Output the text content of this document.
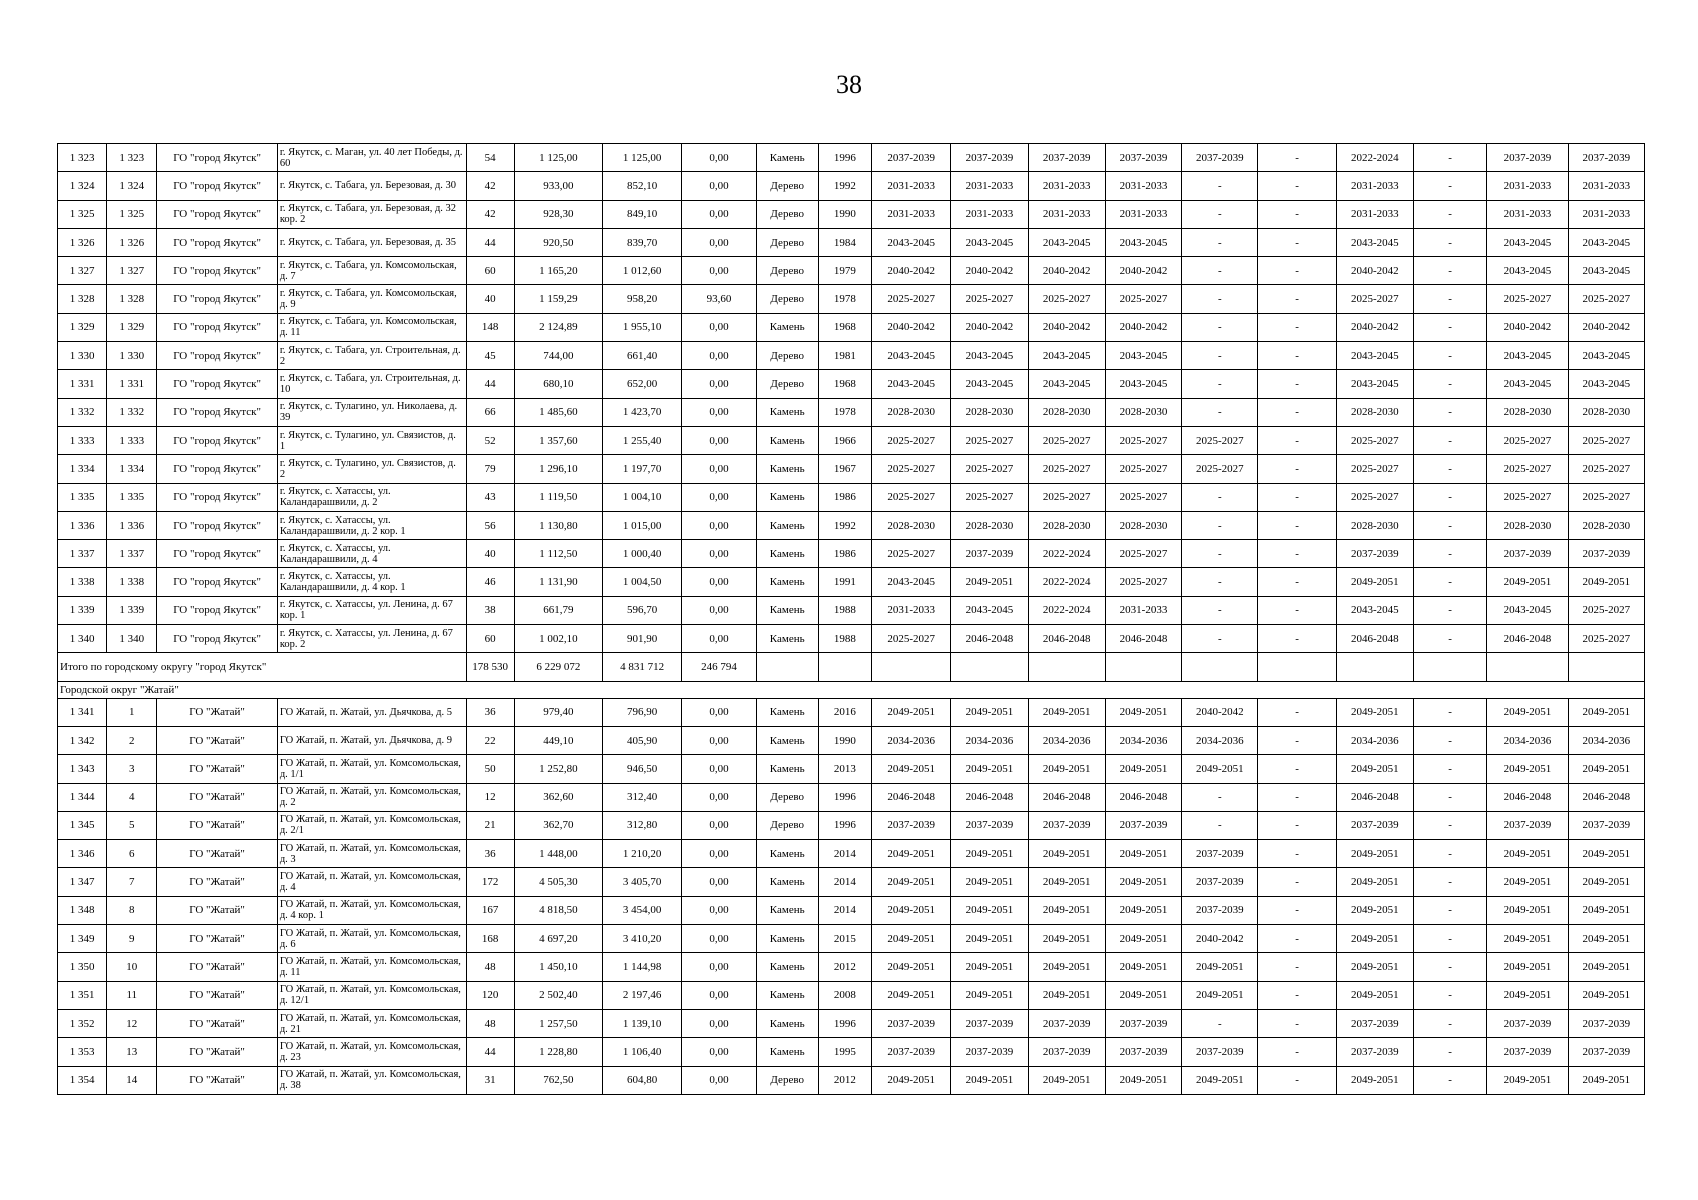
38
1 323	1 323	ГО "город Якутск"	г. Якутск, с. Маган, ул. 40 лет Победы, д. 60	54	1 125,00	1 125,00	0,00	Камень	1996	2037-2039	2037-2039	2037-2039	2037-2039	2037-2039	-	2022-2024	-	2037-2039	2037-2039
1 324	1 324	ГО "город Якутск"	г. Якутск, с. Табага, ул. Березовая, д. 30	42	933,00	852,10	0,00	Дерево	1992	2031-2033	2031-2033	2031-2033	2031-2033	-	-	2031-2033	-	2031-2033	2031-2033
1 325	1 325	ГО "город Якутск"	г. Якутск, с. Табага, ул. Березовая, д. 32 кор. 2	42	928,30	849,10	0,00	Дерево	1990	2031-2033	2031-2033	2031-2033	2031-2033	-	-	2031-2033	-	2031-2033	2031-2033
1 326	1 326	ГО "город Якутск"	г. Якутск, с. Табага, ул. Березовая, д. 35	44	920,50	839,70	0,00	Дерево	1984	2043-2045	2043-2045	2043-2045	2043-2045	-	-	2043-2045	-	2043-2045	2043-2045
1 327	1 327	ГО "город Якутск"	г. Якутск, с. Табага, ул. Комсомольская, д. 7	60	1 165,20	1 012,60	0,00	Дерево	1979	2040-2042	2040-2042	2040-2042	2040-2042	-	-	2040-2042	-	2043-2045	2043-2045
1 328	1 328	ГО "город Якутск"	г. Якутск, с. Табага, ул. Комсомольская, д. 9	40	1 159,29	958,20	93,60	Дерево	1978	2025-2027	2025-2027	2025-2027	2025-2027	-	-	2025-2027	-	2025-2027	2025-2027
1 329	1 329	ГО "город Якутск"	г. Якутск, с. Табага, ул. Комсомольская, д. 11	148	2 124,89	1 955,10	0,00	Камень	1968	2040-2042	2040-2042	2040-2042	2040-2042	-	-	2040-2042	-	2040-2042	2040-2042
1 330	1 330	ГО "город Якутск"	г. Якутск, с. Табага, ул. Строительная, д. 2	45	744,00	661,40	0,00	Дерево	1981	2043-2045	2043-2045	2043-2045	2043-2045	-	-	2043-2045	-	2043-2045	2043-2045
1 331	1 331	ГО "город Якутск"	г. Якутск, с. Табага, ул. Строительная, д. 10	44	680,10	652,00	0,00	Дерево	1968	2043-2045	2043-2045	2043-2045	2043-2045	-	-	2043-2045	-	2043-2045	2043-2045
1 332	1 332	ГО "город Якутск"	г. Якутск, с. Тулагино, ул. Николаева, д. 39	66	1 485,60	1 423,70	0,00	Камень	1978	2028-2030	2028-2030	2028-2030	2028-2030	-	-	2028-2030	-	2028-2030	2028-2030
1 333	1 333	ГО "город Якутск"	г. Якутск, с. Тулагино, ул. Связистов, д. 1	52	1 357,60	1 255,40	0,00	Камень	1966	2025-2027	2025-2027	2025-2027	2025-2027	2025-2027	-	2025-2027	-	2025-2027	2025-2027
1 334	1 334	ГО "город Якутск"	г. Якутск, с. Тулагино, ул. Связистов, д. 2	79	1 296,10	1 197,70	0,00	Камень	1967	2025-2027	2025-2027	2025-2027	2025-2027	2025-2027	-	2025-2027	-	2025-2027	2025-2027
1 335	1 335	ГО "город Якутск"	г. Якутск, с. Хатассы, ул. Каландарашвили, д. 2	43	1 119,50	1 004,10	0,00	Камень	1986	2025-2027	2025-2027	2025-2027	2025-2027	-	-	2025-2027	-	2025-2027	2025-2027
1 336	1 336	ГО "город Якутск"	г. Якутск, с. Хатассы, ул. Каландарашвили, д. 2 кор. 1	56	1 130,80	1 015,00	0,00	Камень	1992	2028-2030	2028-2030	2028-2030	2028-2030	-	-	2028-2030	-	2028-2030	2028-2030
1 337	1 337	ГО "город Якутск"	г. Якутск, с. Хатассы, ул. Каландарашвили, д. 4	40	1 112,50	1 000,40	0,00	Камень	1986	2025-2027	2037-2039	2022-2024	2025-2027	-	-	2037-2039	-	2037-2039	2037-2039
1 338	1 338	ГО "город Якутск"	г. Якутск, с. Хатассы, ул. Каландарашвили, д. 4 кор. 1	46	1 131,90	1 004,50	0,00	Камень	1991	2043-2045	2049-2051	2022-2024	2025-2027	-	-	2049-2051	-	2049-2051	2049-2051
1 339	1 339	ГО "город Якутск"	г. Якутск, с. Хатассы, ул. Ленина, д. 67 кор. 1	38	661,79	596,70	0,00	Камень	1988	2031-2033	2043-2045	2022-2024	2031-2033	-	-	2043-2045	-	2043-2045	2025-2027
1 340	1 340	ГО "город Якутск"	г. Якутск, с. Хатассы, ул. Ленина, д. 67 кор. 2	60	1 002,10	901,90	0,00	Камень	1988	2025-2027	2046-2048	2046-2048	2046-2048	-	-	2046-2048	-	2046-2048	2025-2027
Итого по городскому округу "город Якутск"				178 530	6 229 072	4 831 712	246 794												
Городской округ "Жатай"																			
1 341	1	ГО "Жатай"	ГО Жатай, п. Жатай, ул. Дьячкова, д. 5	36	979,40	796,90	0,00	Камень	2016	2049-2051	2049-2051	2049-2051	2049-2051	2040-2042	-	2049-2051	-	2049-2051	2049-2051
1 342	2	ГО "Жатай"	ГО Жатай, п. Жатай, ул. Дьячкова, д. 9	22	449,10	405,90	0,00	Камень	1990	2034-2036	2034-2036	2034-2036	2034-2036	2034-2036	-	2034-2036	-	2034-2036	2034-2036
1 343	3	ГО "Жатай"	ГО Жатай, п. Жатай, ул. Комсомольская, д. 1/1	50	1 252,80	946,50	0,00	Камень	2013	2049-2051	2049-2051	2049-2051	2049-2051	2049-2051	-	2049-2051	-	2049-2051	2049-2051
1 344	4	ГО "Жатай"	ГО Жатай, п. Жатай, ул. Комсомольская, д. 2	12	362,60	312,40	0,00	Дерево	1996	2046-2048	2046-2048	2046-2048	2046-2048	-	-	2046-2048	-	2046-2048	2046-2048
1 345	5	ГО "Жатай"	ГО Жатай, п. Жатай, ул. Комсомольская, д. 2/1	21	362,70	312,80	0,00	Дерево	1996	2037-2039	2037-2039	2037-2039	2037-2039	-	-	2037-2039	-	2037-2039	2037-2039
1 346	6	ГО "Жатай"	ГО Жатай, п. Жатай, ул. Комсомольская, д. 3	36	1 448,00	1 210,20	0,00	Камень	2014	2049-2051	2049-2051	2049-2051	2049-2051	2037-2039	-	2049-2051	-	2049-2051	2049-2051
1 347	7	ГО "Жатай"	ГО Жатай, п. Жатай, ул. Комсомольская, д. 4	172	4 505,30	3 405,70	0,00	Камень	2014	2049-2051	2049-2051	2049-2051	2049-2051	2037-2039	-	2049-2051	-	2049-2051	2049-2051
1 348	8	ГО "Жатай"	ГО Жатай, п. Жатай, ул. Комсомольская, д. 4 кор. 1	167	4 818,50	3 454,00	0,00	Камень	2014	2049-2051	2049-2051	2049-2051	2049-2051	2037-2039	-	2049-2051	-	2049-2051	2049-2051
1 349	9	ГО "Жатай"	ГО Жатай, п. Жатай, ул. Комсомольская, д. 6	168	4 697,20	3 410,20	0,00	Камень	2015	2049-2051	2049-2051	2049-2051	2049-2051	2040-2042	-	2049-2051	-	2049-2051	2049-2051
1 350	10	ГО "Жатай"	ГО Жатай, п. Жатай, ул. Комсомольская, д. 11	48	1 450,10	1 144,98	0,00	Камень	2012	2049-2051	2049-2051	2049-2051	2049-2051	2049-2051	-	2049-2051	-	2049-2051	2049-2051
1 351	11	ГО "Жатай"	ГО Жатай, п. Жатай, ул. Комсомольская, д. 12/1	120	2 502,40	2 197,46	0,00	Камень	2008	2049-2051	2049-2051	2049-2051	2049-2051	2049-2051	-	2049-2051	-	2049-2051	2049-2051
1 352	12	ГО "Жатай"	ГО Жатай, п. Жатай, ул. Комсомольская, д. 21	48	1 257,50	1 139,10	0,00	Камень	1996	2037-2039	2037-2039	2037-2039	2037-2039	-	-	2037-2039	-	2037-2039	2037-2039
1 353	13	ГО "Жатай"	ГО Жатай, п. Жатай, ул. Комсомольская, д. 23	44	1 228,80	1 106,40	0,00	Камень	1995	2037-2039	2037-2039	2037-2039	2037-2039	2037-2039	-	2037-2039	-	2037-2039	2037-2039
1 354	14	ГО "Жатай"	ГО Жатай, п. Жатай, ул. Комсомольская, д. 38	31	762,50	604,80	0,00	Дерево	2012	2049-2051	2049-2051	2049-2051	2049-2051	2049-2051	-	2049-2051	-	2049-2051	2049-2051
